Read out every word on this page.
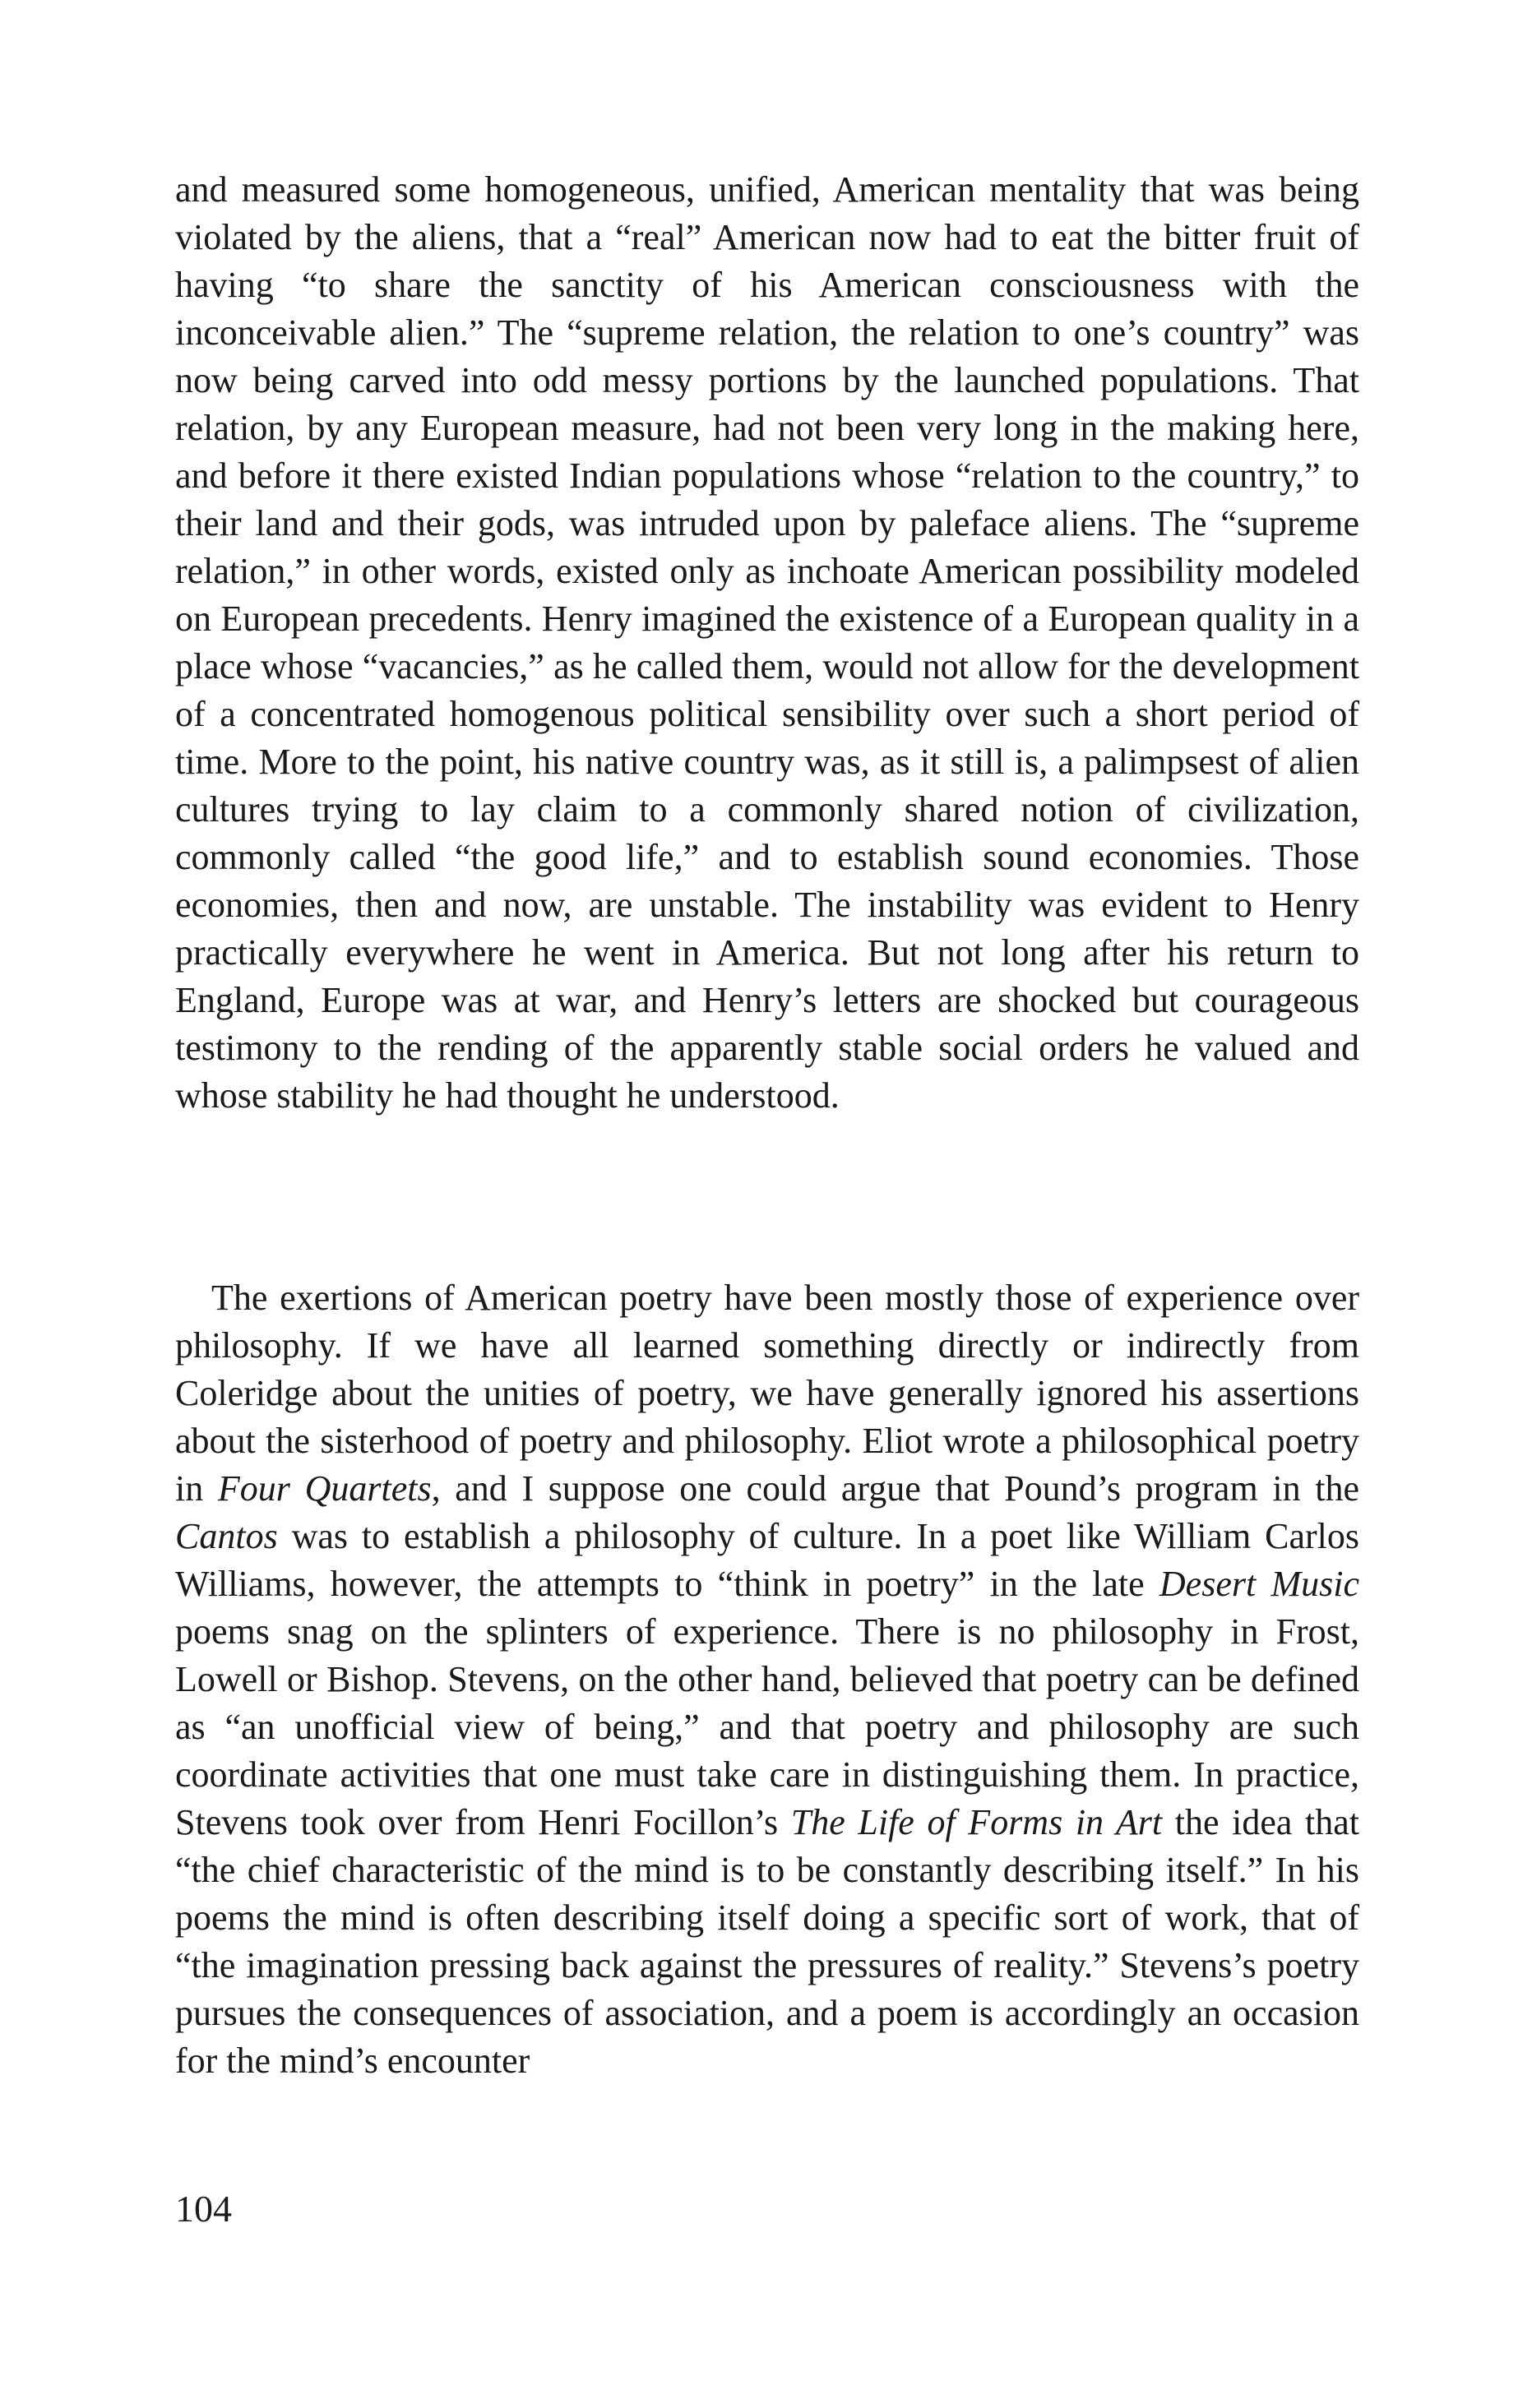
and measured some homogeneous, unified, American mentality that was being violated by the aliens, that a “real” American now had to eat the bitter fruit of having “to share the sanctity of his American consciousness with the inconceivable alien.” The “supreme relation, the relation to one’s country” was now being carved into odd messy portions by the launched populations. That relation, by any European measure, had not been very long in the making here, and before it there existed Indian populations whose “relation to the country,” to their land and their gods, was intruded upon by paleface aliens. The “supreme relation,” in other words, existed only as inchoate American possibility modeled on European precedents. Henry imagined the existence of a European quality in a place whose “vacancies,” as he called them, would not allow for the development of a concentrated homogenous political sensibility over such a short period of time. More to the point, his native country was, as it still is, a palimpsest of alien cultures trying to lay claim to a commonly shared notion of civilization, commonly called “the good life,” and to establish sound economies. Those economies, then and now, are unstable. The instability was evident to Henry practically everywhere he went in America. But not long after his return to England, Europe was at war, and Henry’s letters are shocked but courageous testimony to the rending of the apparently stable social orders he valued and whose stability he had thought he understood.

The exertions of American poetry have been mostly those of experience over philosophy. If we have all learned something directly or indirectly from Coleridge about the unities of poetry, we have generally ignored his assertions about the sisterhood of poetry and philosophy. Eliot wrote a philosophical poetry in Four Quartets, and I suppose one could argue that Pound’s program in the Cantos was to establish a philosophy of culture. In a poet like William Carlos Williams, however, the attempts to “think in poetry” in the late Desert Music poems snag on the splinters of experience. There is no philosophy in Frost, Lowell or Bishop. Stevens, on the other hand, believed that poetry can be defined as “an unofficial view of being,” and that poetry and philosophy are such coordinate activities that one must take care in distinguishing them. In practice, Stevens took over from Henri Focillon’s The Life of Forms in Art the idea that “the chief characteristic of the mind is to be constantly describing itself.” In his poems the mind is often describing itself doing a specific sort of work, that of “the imagination pressing back against the pressures of reality.” Stevens’s poetry pursues the consequences of association, and a poem is accordingly an occasion for the mind’s encounter

104
